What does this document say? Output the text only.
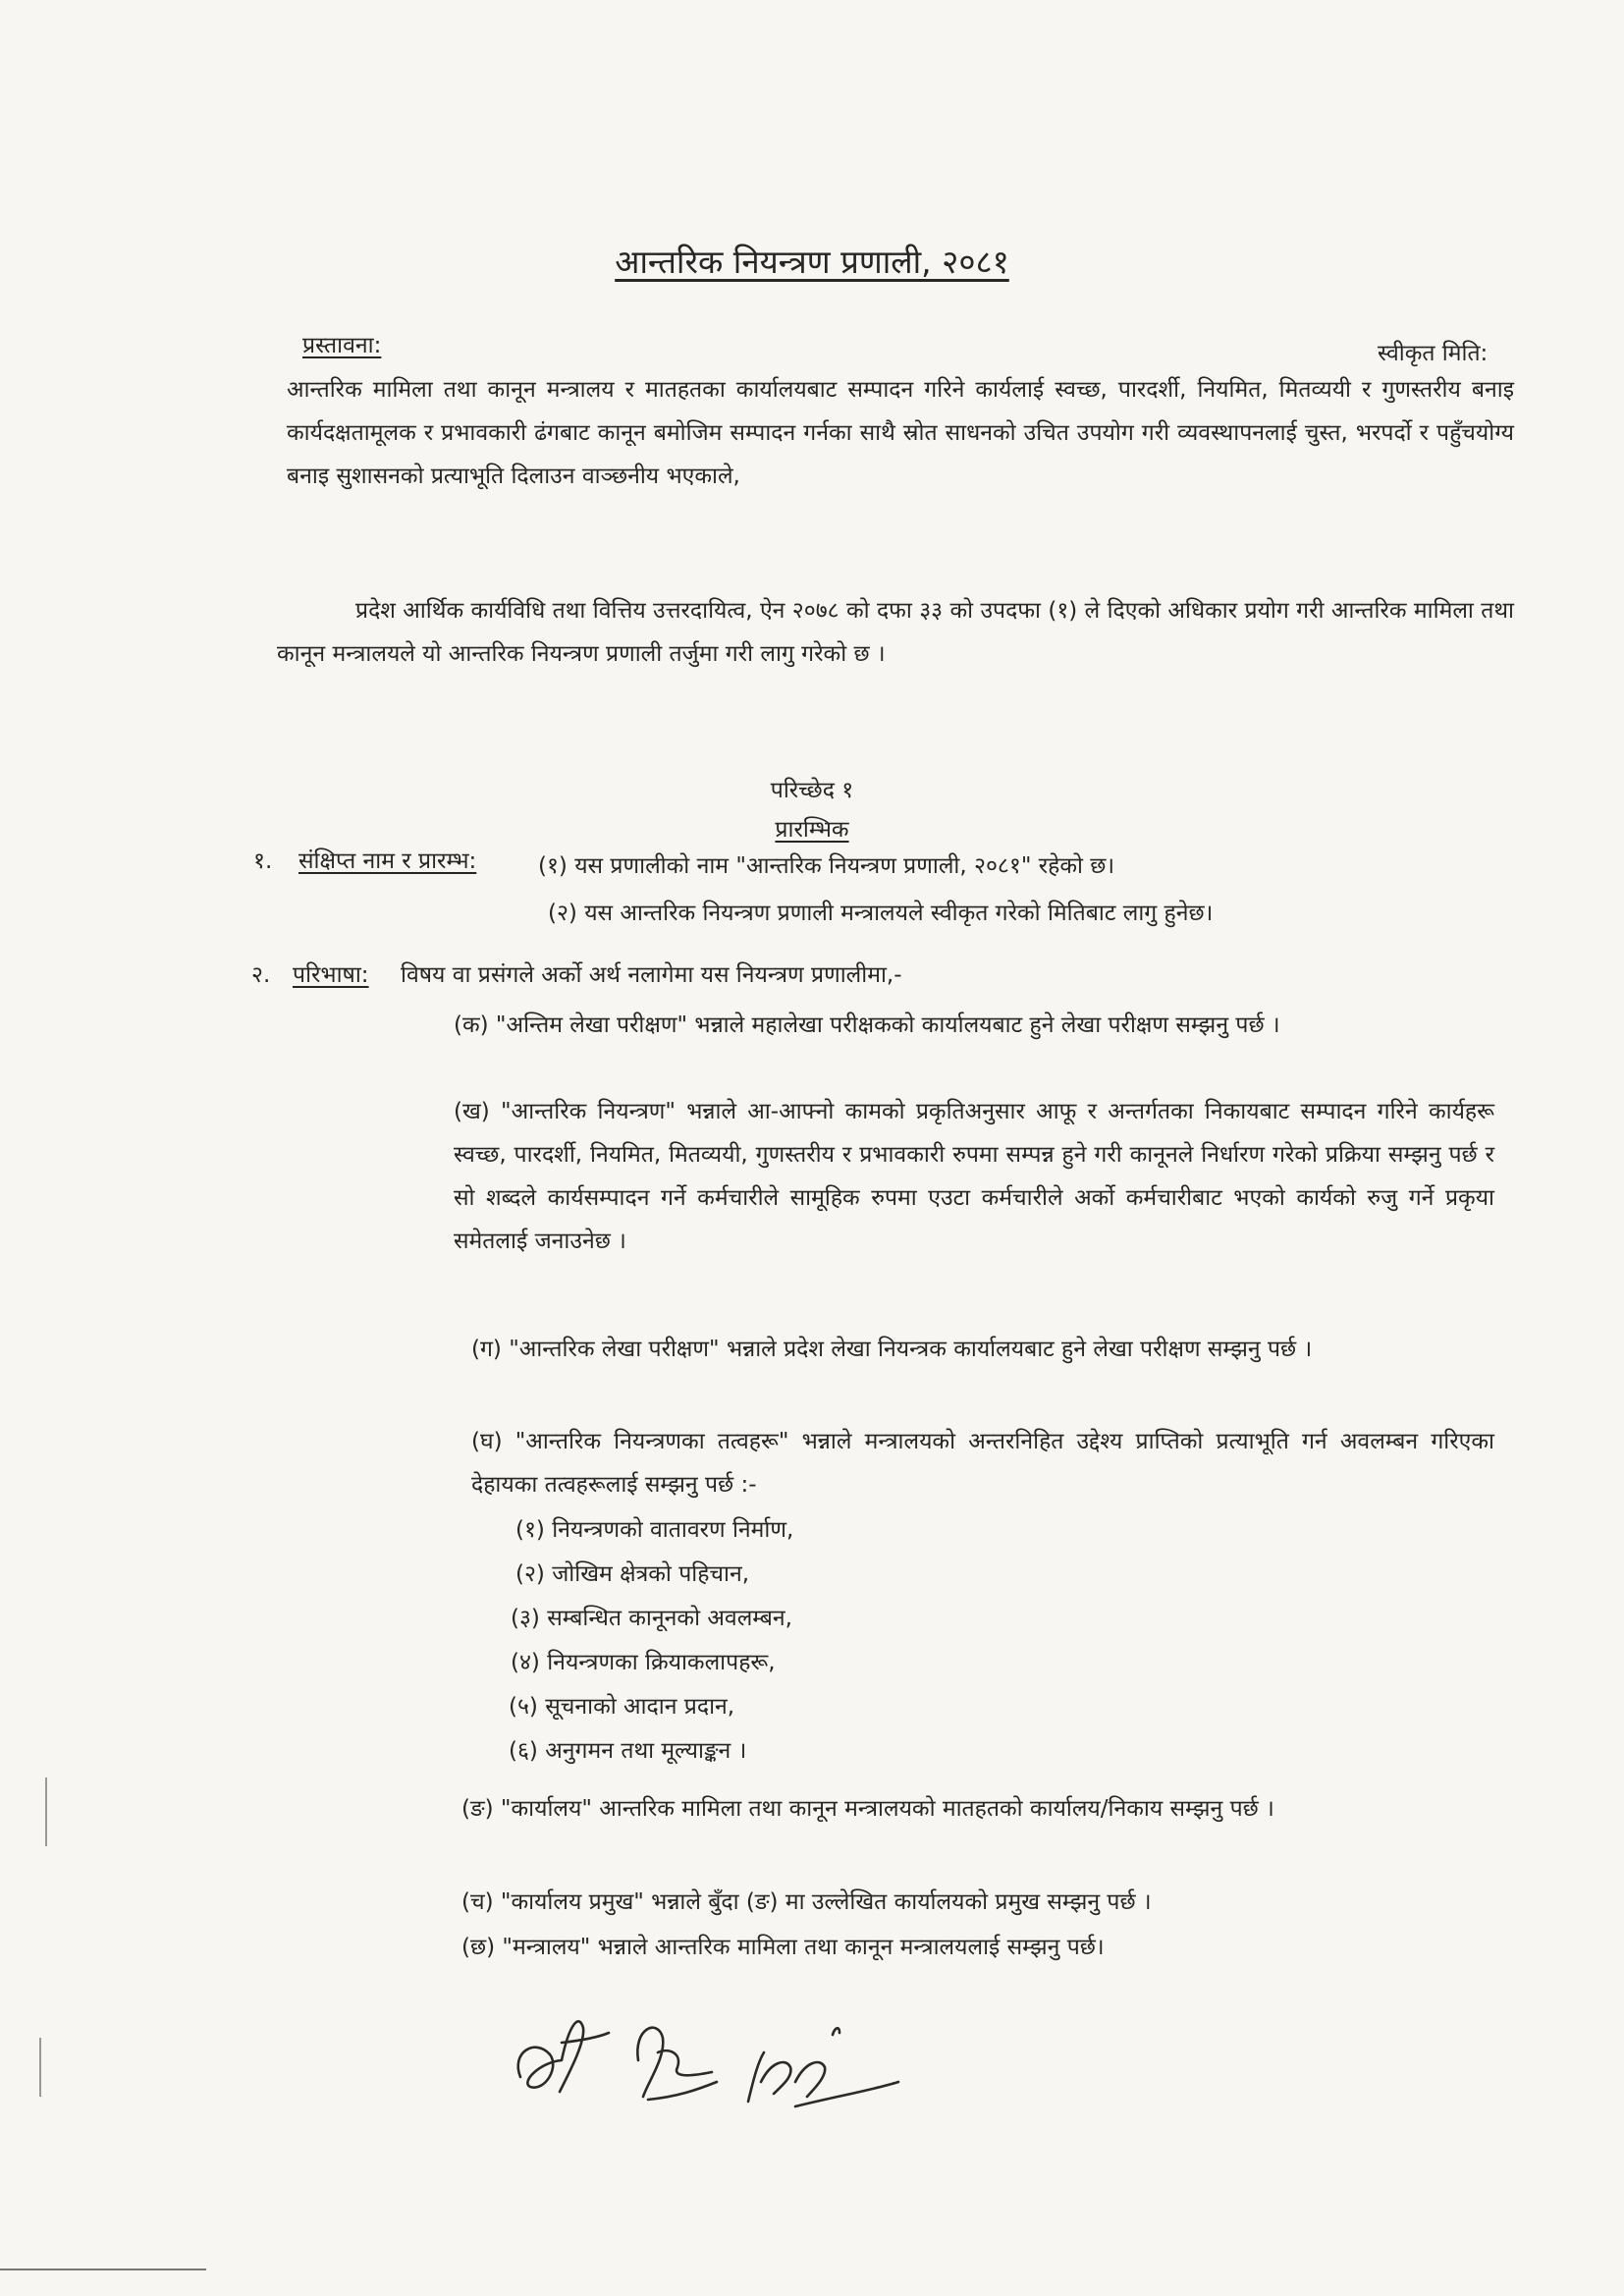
आन्तरिक नियन्त्रण प्रणाली, २०८१
प्रस्तावना:	स्वीकृत मिति:
आन्तरिक मामिला तथा कानून मन्त्रालय र मातहतका कार्यालयबाट सम्पादन गरिने कार्यलाई स्वच्छ, पारदर्शी, नियमित, मितव्ययी र गुणस्तरीय बनाइ कार्यदक्षतामूलक र प्रभावकारी ढंगबाट कानून बमोजिम सम्पादन गर्नका साथै स्रोत साधनको उचित उपयोग गरी व्यवस्थापनलाई चुस्त, भरपर्दो र पहुँचयोग्य बनाइ सुशासनको प्रत्याभूति दिलाउन वाञ्छनीय भएकाले,
प्रदेश आर्थिक कार्यविधि तथा वित्तिय उत्तरदायित्व, ऐन २०७८ को दफा ३३ को उपदफा (१) ले दिएको अधिकार प्रयोग गरी आन्तरिक मामिला तथा कानून मन्त्रालयले यो आन्तरिक नियन्त्रण प्रणाली तर्जुमा गरी लागु गरेको छ ।
परिच्छेद १
प्रारम्भिक
१. संक्षिप्त नाम र प्रारम्भ:	(१) यस प्रणालीको नाम "आन्तरिक नियन्त्रण प्रणाली, २०८१" रहेको छ।
(२) यस आन्तरिक नियन्त्रण प्रणाली मन्त्रालयले स्वीकृत गरेको मितिबाट लागु हुनेछ।
२. परिभाषा: विषय वा प्रसंगले अर्को अर्थ नलागेमा यस नियन्त्रण प्रणालीमा,-
(क) "अन्तिम लेखा परीक्षण" भन्नाले महालेखा परीक्षकको कार्यालयबाट हुने लेखा परीक्षण सम्झनु पर्छ ।
(ख) "आन्तरिक नियन्त्रण" भन्नाले आ-आफ्नो कामको प्रकृतिअनुसार आफू र अन्तर्गतका निकायबाट सम्पादन गरिने कार्यहरू स्वच्छ, पारदर्शी, नियमित, मितव्ययी, गुणस्तरीय र प्रभावकारी रुपमा सम्पन्न हुने गरी कानूनले निर्धारण गरेको प्रक्रिया सम्झनु पर्छ र सो शब्दले कार्यसम्पादन गर्ने कर्मचारीले सामूहिक रुपमा एउटा कर्मचारीले अर्को कर्मचारीबाट भएको कार्यको रुजु गर्ने प्रकृया समेतलाई जनाउनेछ ।
(ग) "आन्तरिक लेखा परीक्षण" भन्नाले प्रदेश लेखा नियन्त्रक कार्यालयबाट हुने लेखा परीक्षण सम्झनु पर्छ ।
(घ) "आन्तरिक नियन्त्रणका तत्वहरू" भन्नाले मन्त्रालयको अन्तरनिहित उद्देश्य प्राप्तिको प्रत्याभूति गर्न अवलम्बन गरिएका देहायका तत्वहरूलाई सम्झनु पर्छ :-
(१) नियन्त्रणको वातावरण निर्माण,
(२) जोखिम क्षेत्रको पहिचान,
(३) सम्बन्धित कानूनको अवलम्बन,
(४) नियन्त्रणका क्रियाकलापहरू,
(५) सूचनाको आदान प्रदान,
(६) अनुगमन तथा मूल्याङ्कन ।
(ङ) "कार्यालय" आन्तरिक मामिला तथा कानून मन्त्रालयको मातहतको कार्यालय/निकाय सम्झनु पर्छ ।
(च) "कार्यालय प्रमुख" भन्नाले बुँदा (ङ) मा उल्लेखित कार्यालयको प्रमुख सम्झनु पर्छ ।
(छ) "मन्त्रालय" भन्नाले आन्तरिक मामिला तथा कानून मन्त्रालयलाई सम्झनु पर्छ।
